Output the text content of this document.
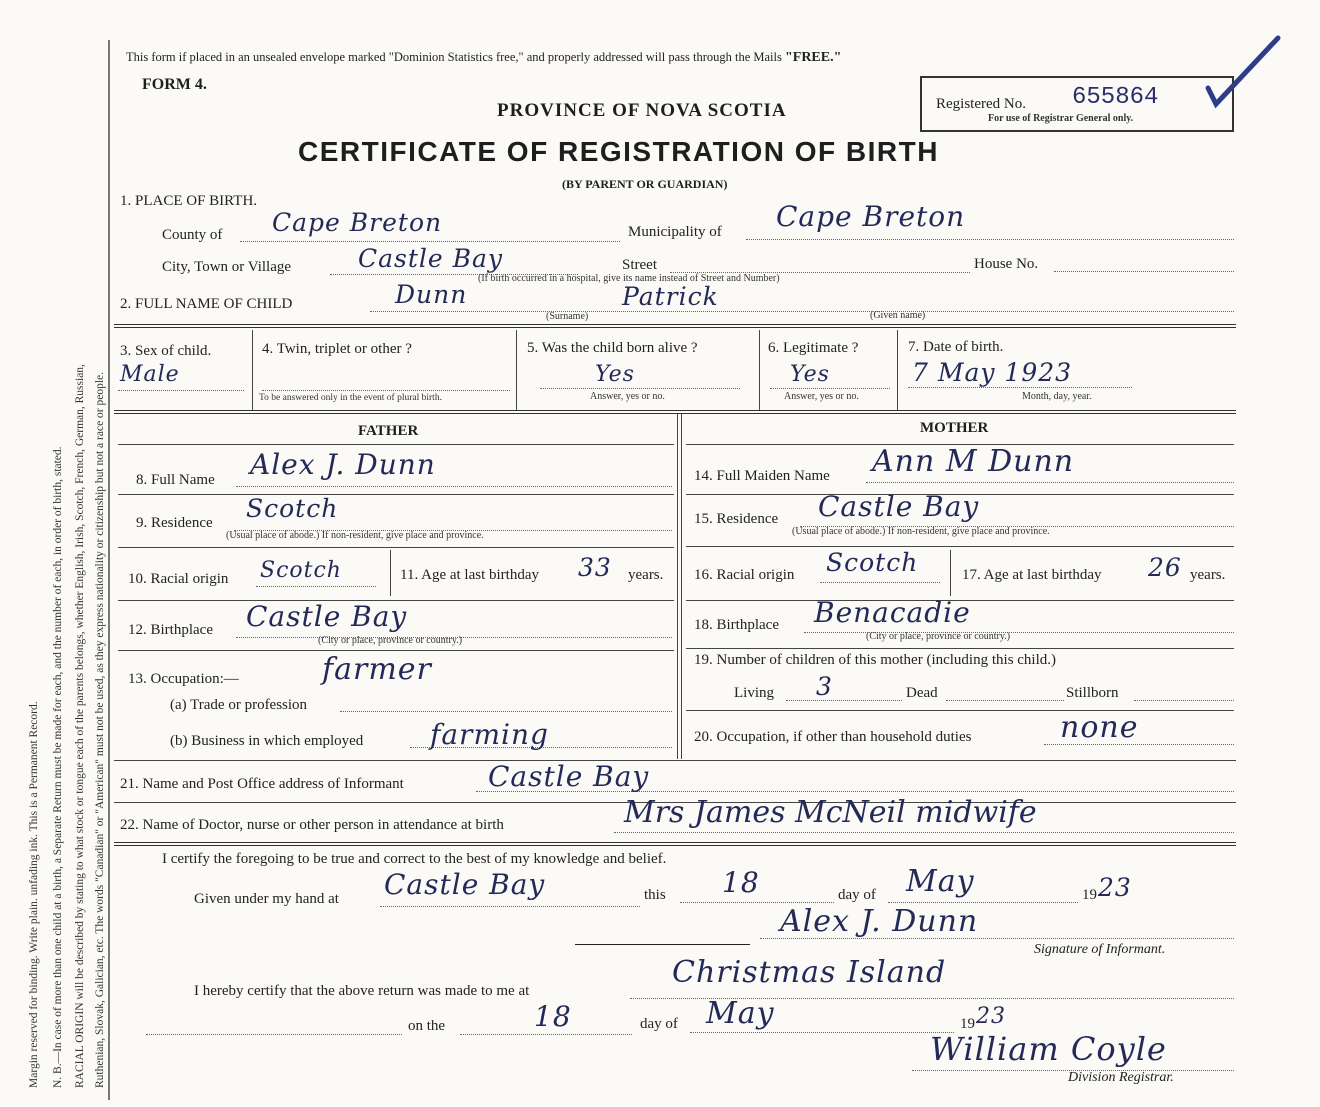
Margin reserved for binding. Write plain. unfading ink. This is a Permanent Record. N. B.—In case of more than one child at a birth, a Separate Return must be made for each, and the number of each, in order of birth, stated. RACIAL ORIGIN will be described by stating to what stock or tongue each of the parents belongs, whether English, Irish, Scotch, French, German, Russian, Ruthenian, Slovak, Galician, etc. The words "Canadian" or "American" must not be used, as they express nationality or citizenship but not a race or people.
This form if placed in an unsealed envelope marked "Dominion Statistics free," and properly addressed will pass through the Mails "FREE."
FORM 4.
PROVINCE OF NOVA SCOTIA
CERTIFICATE OF REGISTRATION OF BIRTH
(BY PARENT OR GUARDIAN)
Registered No. 655864
For use of Registrar General only.
1. PLACE OF BIRTH.
County of Cape Breton	Municipality of Cape Breton
City, Town or Village	Castle Bay	Street
(If birth occurred in a hospital, give its name instead of Street and Number)
House No.
2. FULL NAME OF CHILD	Dunn	Patrick
(Surname)	(Given name)
3. Sex of child.
Male
4. Twin, triplet or other ?
To be answered only in the event of plural birth.
5. Was the child born alive ?
Yes
Answer, yes or no.
6. Legitimate ?
Yes
Answer, yes or no.
7. Date of birth.
7 May 1923
Month, day, year.
FATHER
8. Full Name Alex J. Dunn
9. Residence Scotch
(Usual place of abode.) If non-resident, give place and province.
10. Racial origin Scotch	11. Age at last birthday 33 years.
12. Birthplace Castle Bay
(City or place, province or country.)
13. Occupation:—	farmer
(a) Trade or profession
(b) Business in which employed farming
MOTHER
14. Full Maiden Name Ann M Dunn
15. Residence Castle Bay
(Usual place of abode.) If non-resident, give place and province.
16. Racial origin Scotch	17. Age at last birthday 26 years.
18. Birthplace Benacadie
(City or place, province or country.)
19. Number of children of this mother (including this child.)
Living 3	Dead	Stillborn
20. Occupation, if other than household duties	none
21. Name and Post Office address of Informant	Castle Bay
22. Name of Doctor, nurse or other person in attendance at birth	Mrs James McNeil midwife
I certify the foregoing to be true and correct to the best of my knowledge and belief.
Given under my hand at Castle Bay	this 18	day of May	19 23
Alex J. Dunn
Signature of Informant.
I hereby certify that the above return was made to me at
Christmas Island
on the	18	day of May	19 23
William Coyle
Division Registrar.
